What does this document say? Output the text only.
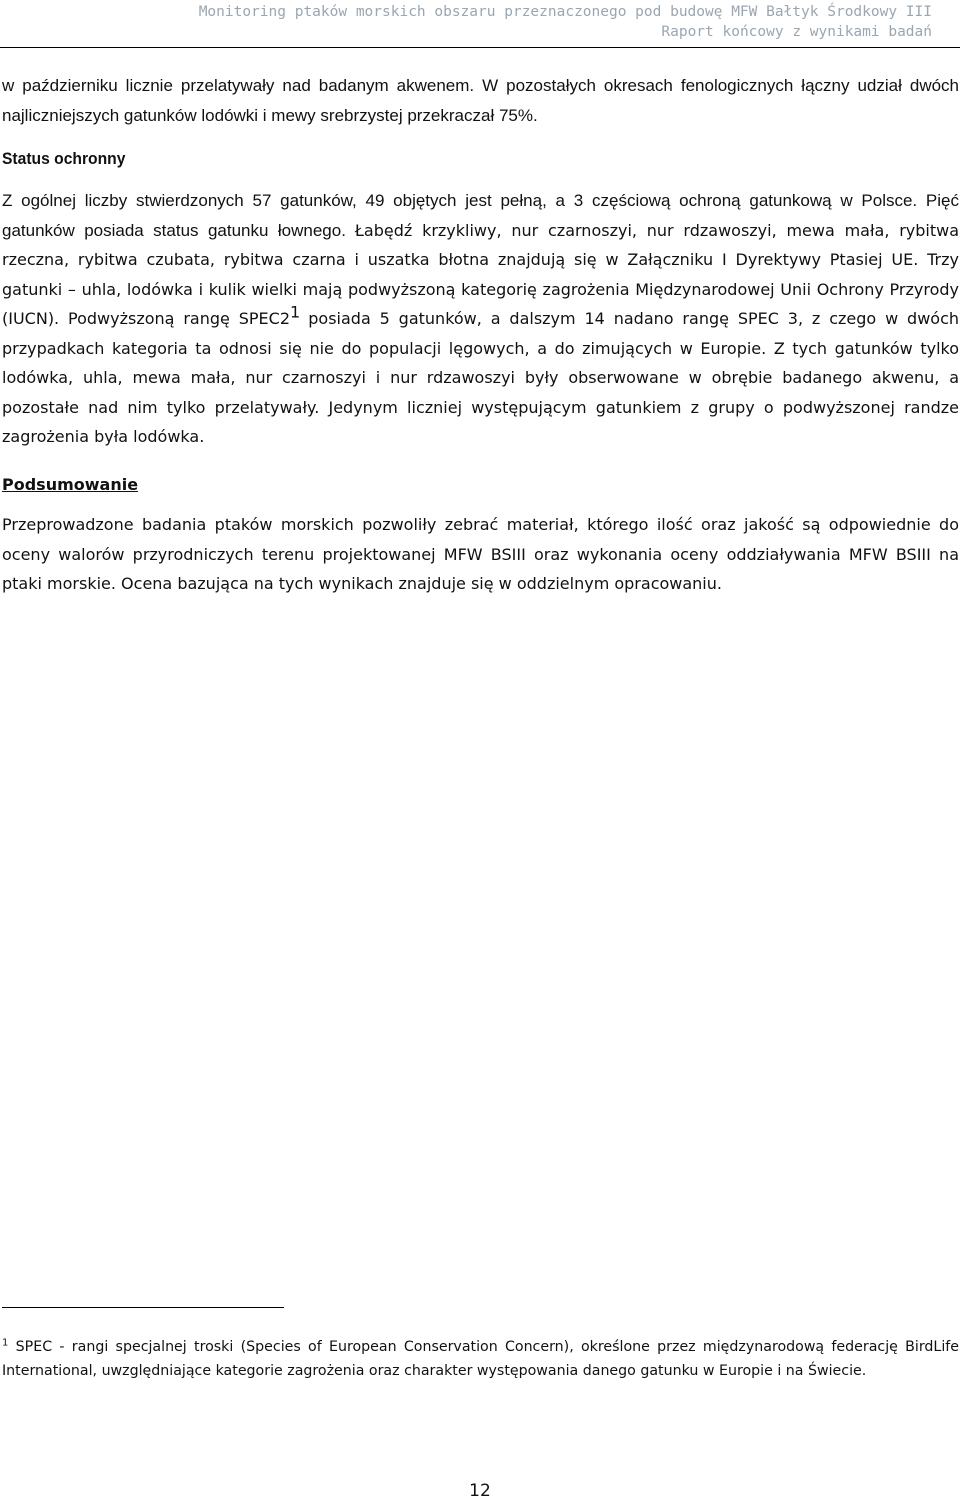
Monitoring ptaków morskich obszaru przeznaczonego pod budowę MFW Bałtyk Środkowy III
Raport końcowy z wynikami badań

w październiku licznie przelatywały nad badanym akwenem. W pozostałych okresach fenologicznych łączny udział dwóch najliczniejszych gatunków lodówki i mewy srebrzystej przekraczał 75%.

Status ochronny

Z ogólnej liczby stwierdzonych 57 gatunków, 49 objętych jest pełną, a 3 częściową ochroną gatunkową w Polsce. Pięć gatunków posiada status gatunku łownego. Łabędź krzykliwy, nur czarnoszyi, nur rdzawoszyi, mewa mała, rybitwa rzeczna, rybitwa czubata, rybitwa czarna i uszatka błotna znajdują się w Załączniku I Dyrektywy Ptasiej UE. Trzy gatunki – uhla, lodówka i kulik wielki mają podwyższoną kategorię zagrożenia Międzynarodowej Unii Ochrony Przyrody (IUCN). Podwyższoną rangę $SPEC2^1$ posiada 5 gatunków, a dalszym 14 nadano rangę SPEC 3, z czego w dwóch przypadkach kategoria ta odnosi się nie do populacji lęgowych, a do zimujących w Europie. Z tych gatunków tylko lodówka, uhla, mewa mała, nur czarnoszyi i nur rdzawoszyi były obserwowane w obrębie badanego akwenu, a pozostałe nad nim tylko przelatywały. Jedynym liczniej występującym gatunkiem z grupy o podwyższonej randze zagrożenia była lodówka.

Podsumowanie

Przeprowadzone badania ptaków morskich pozwoliły zebrać materiał, którego ilość oraz jakość są odpowiednie do oceny walorów przyrodniczych terenu projektowanej MFW BSIII oraz wykonania oceny oddziaływania MFW BSIII na ptaki morskie. Ocena bazująca na tych wynikach znajduje się w oddzielnym opracowaniu.

$^1$ SPEC - rangi specjalnej troski (Species of European Conservation Concern), określone przez międzynarodową federację BirdLife International, uwzględniające kategorie zagrożenia oraz charakter występowania danego gatunku w Europie i na Świecie.
12
